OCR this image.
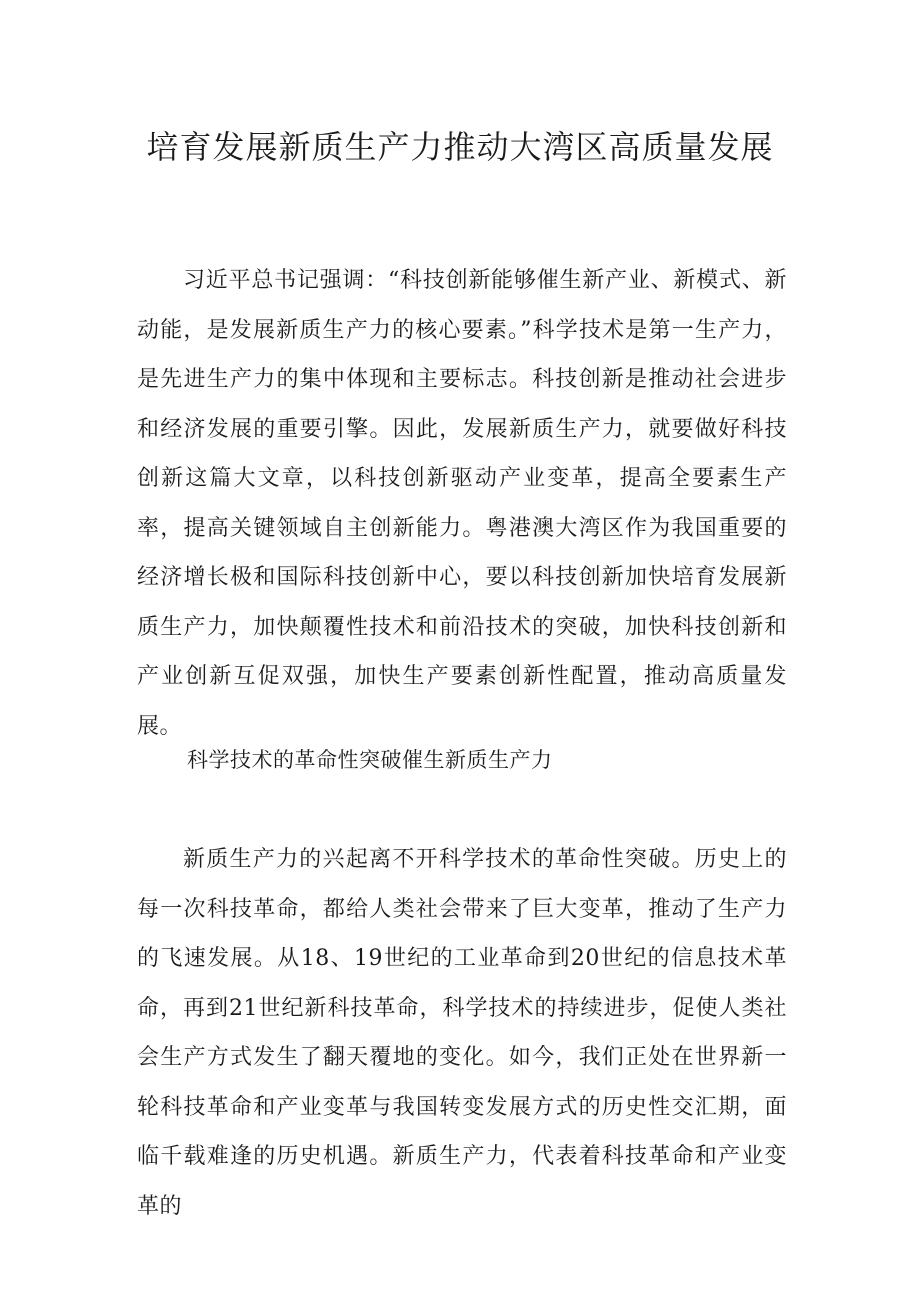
培育发展新质生产力推动大湾区高质量发展

习近平总书记强调：“科技创新能够催生新产业、新模式、新动能，是发展新质生产力的核心要素。”科学技术是第一生产力，是先进生产力的集中体现和主要标志。科技创新是推动社会进步和经济发展的重要引擎。因此，发展新质生产力，就要做好科技创新这篇大文章，以科技创新驱动产业变革，提高全要素生产率，提高关键领域自主创新能力。粤港澳大湾区作为我国重要的经济增长极和国际科技创新中心，要以科技创新加快培育发展新质生产力，加快颠覆性技术和前沿技术的突破，加快科技创新和产业创新互促双强，加快生产要素创新性配置，推动高质量发展。

科学技术的革命性突破催生新质生产力

新质生产力的兴起离不开科学技术的革命性突破。历史上的每一次科技革命，都给人类社会带来了巨大变革，推动了生产力的飞速发展。从18、19世纪的工业革命到20世纪的信息技术革命，再到21世纪新科技革命，科学技术的持续进步，促使人类社会生产方式发生了翻天覆地的变化。如今，我们正处在世界新一轮科技革命和产业变革与我国转变发展方式的历史性交汇期，面临千载难逢的历史机遇。新质生产力，代表着科技革命和产业变革的
